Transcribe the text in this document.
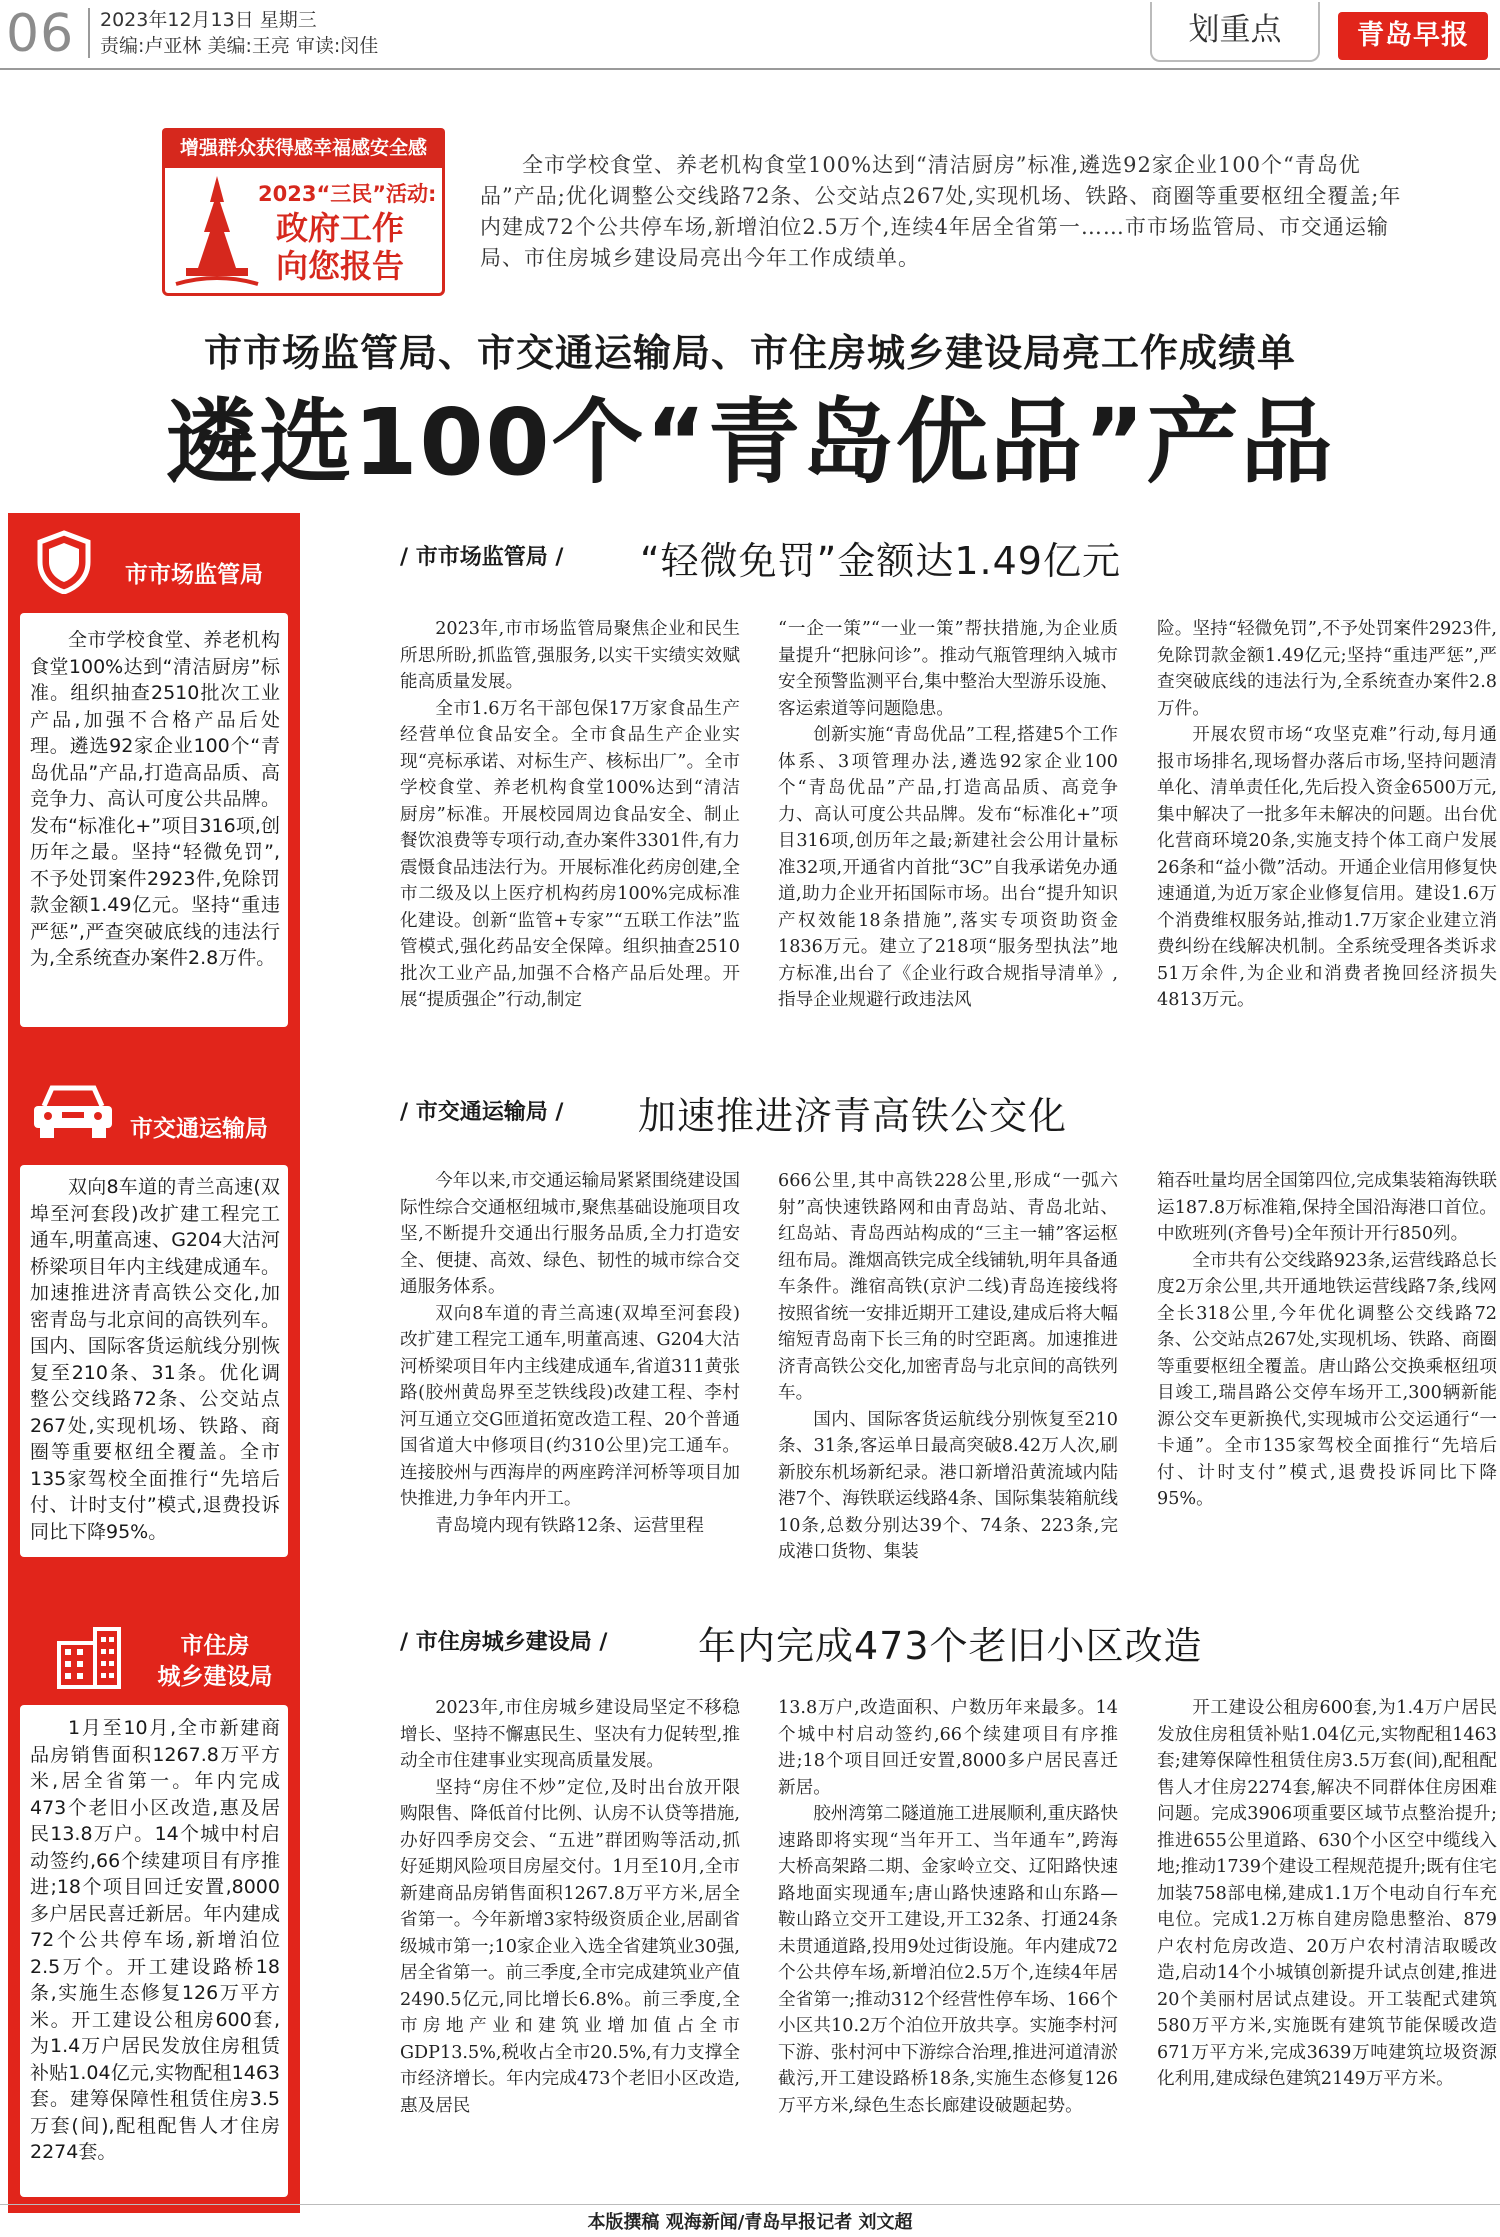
06 2023年12月13日 星期三
责编:卢亚林 美编:王亮 审读:闵佳	划重点	青岛早报
增强群众获得感幸福感安全感
2023“三民”活动:
政府工作
向您报告
全市学校食堂、养老机构食堂100%达到“清洁厨房”标准,遴选92家企业100个“青岛优品”产品;优化调整公交线路72条、公交站点267处,实现机场、铁路、商圈等重要枢纽全覆盖;年内建成72个公共停车场,新增泊位2.5万个,连续4年居全省第一……市市场监管局、市交通运输局、市住房城乡建设局亮出今年工作成绩单。
市市场监管局、市交通运输局、市住房城乡建设局亮工作成绩单
遴选100个“青岛优品”产品
市市场监管局
全市学校食堂、养老机构食堂100%达到“清洁厨房”标准。组织抽查2510批次工业产品,加强不合格产品后处理。遴选92家企业100个“青岛优品”产品,打造高品质、高竞争力、高认可度公共品牌。发布“标准化+”项目316项,创历年之最。坚持“轻微免罚”,不予处罚案件2923件,免除罚款金额1.49亿元。坚持“重违严惩”,严查突破底线的违法行为,全系统查办案件2.8万件。
市交通运输局
双向8车道的青兰高速(双埠至河套段)改扩建工程完工通车,明董高速、G204大沽河桥梁项目年内主线建成通车。加速推进济青高铁公交化,加密青岛与北京间的高铁列车。国内、国际客货运航线分别恢复至210条、31条。优化调整公交线路72条、公交站点267处,实现机场、铁路、商圈等重要枢纽全覆盖。全市135家驾校全面推行“先培后付、计时支付”模式,退费投诉同比下降95%。
市住房
城乡建设局
1月至10月,全市新建商品房销售面积1267.8万平方米,居全省第一。年内完成473个老旧小区改造,惠及居民13.8万户。14个城中村启动签约,66个续建项目有序推进;18个项目回迁安置,8000多户居民喜迁新居。年内建成72个公共停车场,新增泊位2.5万个。开工建设路桥18条,实施生态修复126万平方米。开工建设公租房600套,为1.4万户居民发放住房租赁补贴1.04亿元,实物配租1463套。建筹保障性租赁住房3.5万套(间),配租配售人才住房2274套。
/ 市市场监管局 / “轻微免罚”金额达1.49亿元

2023年,市市场监管局聚焦企业和民生所思所盼,抓监管,强服务,以实干实绩实效赋能高质量发展。

全市1.6万名干部包保17万家食品生产经营单位食品安全。全市食品生产企业实现“亮标承诺、对标生产、核标出厂”。全市学校食堂、养老机构食堂100%达到“清洁厨房”标准。开展校园周边食品安全、制止餐饮浪费等专项行动,查办案件3301件,有力震慑食品违法行为。开展标准化药房创建,全市二级及以上医疗机构药房100%完成标准化建设。创新“监管+专家”“五联工作法”监管模式,强化药品安全保障。组织抽查2510批次工业产品,加强不合格产品后处理。开展“提质强企”行动,制定

“一企一策”“一业一策”帮扶措施,为企业质量提升“把脉问诊”。推动气瓶管理纳入城市安全预警监测平台,集中整治大型游乐设施、客运索道等问题隐患。

创新实施“青岛优品”工程,搭建5个工作体系、3项管理办法,遴选92家企业100个“青岛优品”产品,打造高品质、高竞争力、高认可度公共品牌。发布“标准化+”项目316项,创历年之最;新建社会公用计量标准32项,开通省内首批“3C”自我承诺免办通道,助力企业开拓国际市场。出台“提升知识产权效能18条措施”,落实专项资助资金1836万元。建立了218项“服务型执法”地方标准,出台了《企业行政合规指导清单》,指导企业规避行政违法风

险。坚持“轻微免罚”,不予处罚案件2923件,免除罚款金额1.49亿元;坚持“重违严惩”,严查突破底线的违法行为,全系统查办案件2.8万件。

开展农贸市场“攻坚克难”行动,每月通报市场排名,现场督办落后市场,坚持问题清单化、清单责任化,先后投入资金6500万元,集中解决了一批多年未解决的问题。出台优化营商环境20条,实施支持个体工商户发展26条和“益小微”活动。开通企业信用修复快速通道,为近万家企业修复信用。建设1.6万个消费维权服务站,推动1.7万家企业建立消费纠纷在线解决机制。全系统受理各类诉求51万余件,为企业和消费者挽回经济损失4813万元。

/ 市交通运输局 / 加速推进济青高铁公交化

今年以来,市交通运输局紧紧围绕建设国际性综合交通枢纽城市,聚焦基础设施项目攻坚,不断提升交通出行服务品质,全力打造安全、便捷、高效、绿色、韧性的城市综合交通服务体系。

双向8车道的青兰高速(双埠至河套段)改扩建工程完工通车,明董高速、G204大沽河桥梁项目年内主线建成通车,省道311黄张路(胶州黄岛界至芝铁线段)改建工程、李村河互通立交G匝道拓宽改造工程、20个普通国省道大中修项目(约310公里)完工通车。连接胶州与西海岸的两座跨洋河桥等项目加快推进,力争年内开工。

青岛境内现有铁路12条、运营里程

666公里,其中高铁228公里,形成“一弧六射”高快速铁路网和由青岛站、青岛北站、红岛站、青岛西站构成的“三主一辅”客运枢纽布局。潍烟高铁完成全线铺轨,明年具备通车条件。潍宿高铁(京沪二线)青岛连接线将按照省统一安排近期开工建设,建成后将大幅缩短青岛南下长三角的时空距离。加速推进济青高铁公交化,加密青岛与北京间的高铁列车。

国内、国际客货运航线分别恢复至210条、31条,客运单日最高突破8.42万人次,刷新胶东机场新纪录。港口新增沿黄流域内陆港7个、海铁联运线路4条、国际集装箱航线10条,总数分别达39个、74条、223条,完成港口货物、集装

箱吞吐量均居全国第四位,完成集装箱海铁联运187.8万标准箱,保持全国沿海港口首位。中欧班列(齐鲁号)全年预计开行850列。

全市共有公交线路923条,运营线路总长度2万余公里,共开通地铁运营线路7条,线网全长318公里,今年优化调整公交线路72条、公交站点267处,实现机场、铁路、商圈等重要枢纽全覆盖。唐山路公交换乘枢纽项目竣工,瑞昌路公交停车场开工,300辆新能源公交车更新换代,实现城市公交运通行“一卡通”。全市135家驾校全面推行“先培后付、计时支付”模式,退费投诉同比下降95%。

/ 市住房城乡建设局 / 年内完成473个老旧小区改造

2023年,市住房城乡建设局坚定不移稳增长、坚持不懈惠民生、坚决有力促转型,推动全市住建事业实现高质量发展。

坚持“房住不炒”定位,及时出台放开限购限售、降低首付比例、认房不认贷等措施,办好四季房交会、“五进”群团购等活动,抓好延期风险项目房屋交付。1月至10月,全市新建商品房销售面积1267.8万平方米,居全省第一。今年新增3家特级资质企业,居副省级城市第一;10家企业入选全省建筑业30强,居全省第一。前三季度,全市完成建筑业产值2490.5亿元,同比增长6.8%。前三季度,全市房地产业和建筑业增加值占全市GDP13.5%,税收占全市20.5%,有力支撑全市经济增长。年内完成473个老旧小区改造,惠及居民

13.8万户,改造面积、户数历年来最多。14个城中村启动签约,66个续建项目有序推进;18个项目回迁安置,8000多户居民喜迁新居。

胶州湾第二隧道施工进展顺利,重庆路快速路即将实现“当年开工、当年通车”,跨海大桥高架路二期、金家岭立交、辽阳路快速路地面实现通车;唐山路快速路和山东路—鞍山路立交开工建设,开工32条、打通24条未贯通道路,投用9处过街设施。年内建成72个公共停车场,新增泊位2.5万个,连续4年居全省第一;推动312个经营性停车场、166个小区共10.2万个泊位开放共享。实施李村河下游、张村河中下游综合治理,推进河道清淤截污,开工建设路桥18条,实施生态修复126万平方米,绿色生态长廊建设破题起势。

开工建设公租房600套,为1.4万户居民发放住房租赁补贴1.04亿元,实物配租1463套;建筹保障性租赁住房3.5万套(间),配租配售人才住房2274套,解决不同群体住房困难问题。完成3906项重要区域节点整治提升;推进655公里道路、630个小区空中缆线入地;推动1739个建设工程规范提升;既有住宅加装758部电梯,建成1.1万个电动自行车充电位。完成1.2万栋自建房隐患整治、879户农村危房改造、20万户农村清洁取暖改造,启动14个小城镇创新提升试点创建,推进20个美丽村居试点建设。开工装配式建筑580万平方米,实施既有建筑节能保暖改造671万平方米,完成3639万吨建筑垃圾资源化利用,建成绿色建筑2149万平方米。

本版撰稿 观海新闻/青岛早报记者 刘文超
